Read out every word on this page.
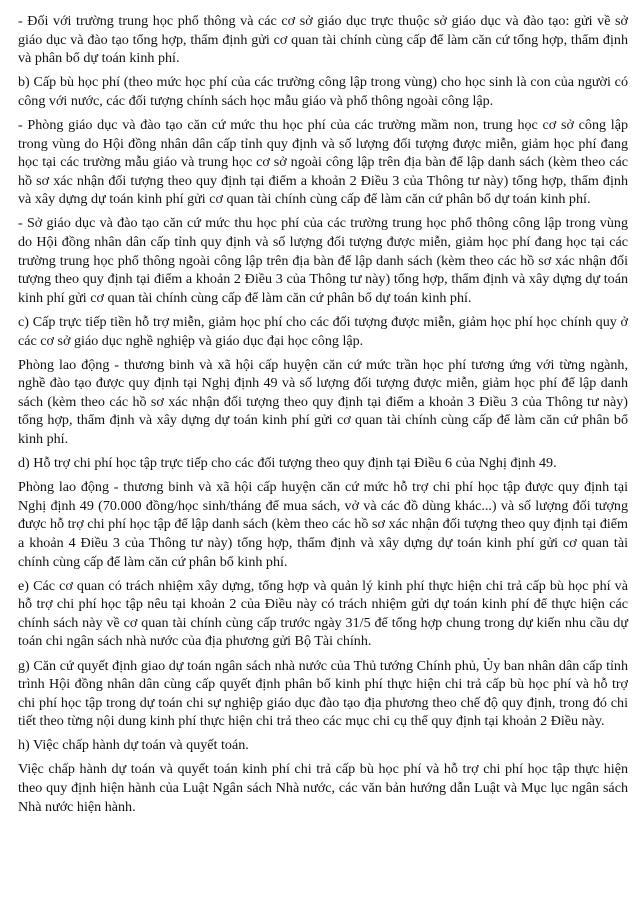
- Đối với trường trung học phổ thông và các cơ sở giáo dục trực thuộc sở giáo dục và đào tạo: gửi về sở giáo dục và đào tạo tổng hợp, thẩm định gửi cơ quan tài chính cùng cấp để làm căn cứ tổng hợp, thẩm định và phân bổ dự toán kinh phí.

b) Cấp bù học phí (theo mức học phí của các trường công lập trong vùng) cho học sinh là con của người có công với nước, các đối tượng chính sách học mẫu giáo và phổ thông ngoài công lập.

- Phòng giáo dục và đào tạo căn cứ mức thu học phí của các trường mầm non, trung học cơ sở công lập trong vùng do Hội đồng nhân dân cấp tỉnh quy định và số lượng đối tượng được miễn, giảm học phí đang học tại các trường mẫu giáo và trung học cơ sở ngoài công lập trên địa bàn để lập danh sách (kèm theo các hồ sơ xác nhận đối tượng theo quy định tại điểm a khoản 2 Điều 3 của Thông tư này) tổng hợp, thẩm định và xây dựng dự toán kinh phí gửi cơ quan tài chính cùng cấp để làm căn cứ phân bổ dự toán kinh phí.

- Sở giáo dục và đào tạo căn cứ mức thu học phí của các trường trung học phổ thông công lập trong vùng do Hội đồng nhân dân cấp tỉnh quy định và số lượng đối tượng được miễn, giảm học phí đang học tại các trường trung học phổ thông ngoài công lập trên địa bàn để lập danh sách (kèm theo các hồ sơ xác nhận đối tượng theo quy định tại điểm a khoản 2 Điều 3 của Thông tư này) tổng hợp, thẩm định và xây dựng dự toán kinh phí gửi cơ quan tài chính cùng cấp để làm căn cứ phân bổ dự toán kinh phí.

c) Cấp trực tiếp tiền hỗ trợ miễn, giảm học phí cho các đối tượng được miễn, giảm học phí học chính quy ở các cơ sở giáo dục nghề nghiệp và giáo dục đại học công lập.

Phòng lao động - thương binh và xã hội cấp huyện căn cứ mức trần học phí tương ứng với từng ngành, nghề đào tạo được quy định tại Nghị định 49 và số lượng đối tượng được miễn, giảm học phí để lập danh sách (kèm theo các hồ sơ xác nhận đối tượng theo quy định tại điểm a khoản 3 Điều 3 của Thông tư này) tổng hợp, thẩm định và xây dựng dự toán kinh phí gửi cơ quan tài chính cùng cấp để làm căn cứ phân bổ kinh phí.

d) Hỗ trợ chi phí học tập trực tiếp cho các đối tượng theo quy định tại Điều 6 của Nghị định 49.

Phòng lao động - thương binh và xã hội cấp huyện căn cứ mức hỗ trợ chi phí học tập được quy định tại Nghị định 49 (70.000 đồng/học sinh/tháng để mua sách, vở và các đồ dùng khác...) và số lượng đối tượng được hỗ trợ chi phí học tập để lập danh sách (kèm theo các hồ sơ xác nhận đối tượng theo quy định tại điểm a khoản 4 Điều 3 của Thông tư này) tổng hợp, thẩm định và xây dựng dự toán kinh phí gửi cơ quan tài chính cùng cấp để làm căn cứ phân bổ kinh phí.

e) Các cơ quan có trách nhiệm xây dựng, tổng hợp và quản lý kinh phí thực hiện chi trả cấp bù học phí và hỗ trợ chi phí học tập nêu tại khoản 2 của Điều này có trách nhiệm gửi dự toán kinh phí để thực hiện các chính sách này về cơ quan tài chính cùng cấp trước ngày 31/5 để tổng hợp chung trong dự kiến nhu cầu dự toán chi ngân sách nhà nước của địa phương gửi Bộ Tài chính.

g) Căn cứ quyết định giao dự toán ngân sách nhà nước của Thủ tướng Chính phủ, Ủy ban nhân dân cấp tỉnh trình Hội đồng nhân dân cùng cấp quyết định phân bổ kinh phí thực hiện chi trả cấp bù học phí và hỗ trợ chi phí học tập trong dự toán chi sự nghiệp giáo dục đào tạo địa phương theo chế độ quy định, trong đó chi tiết theo từng nội dung kinh phí thực hiện chi trả theo các mục chi cụ thể quy định tại khoản 2 Điều này.

h) Việc chấp hành dự toán và quyết toán.

Việc chấp hành dự toán và quyết toán kinh phí chi trả cấp bù học phí và hỗ trợ chi phí học tập thực hiện theo quy định hiện hành của Luật Ngân sách Nhà nước, các văn bản hướng dẫn Luật và Mục lục ngân sách Nhà nước hiện hành.
